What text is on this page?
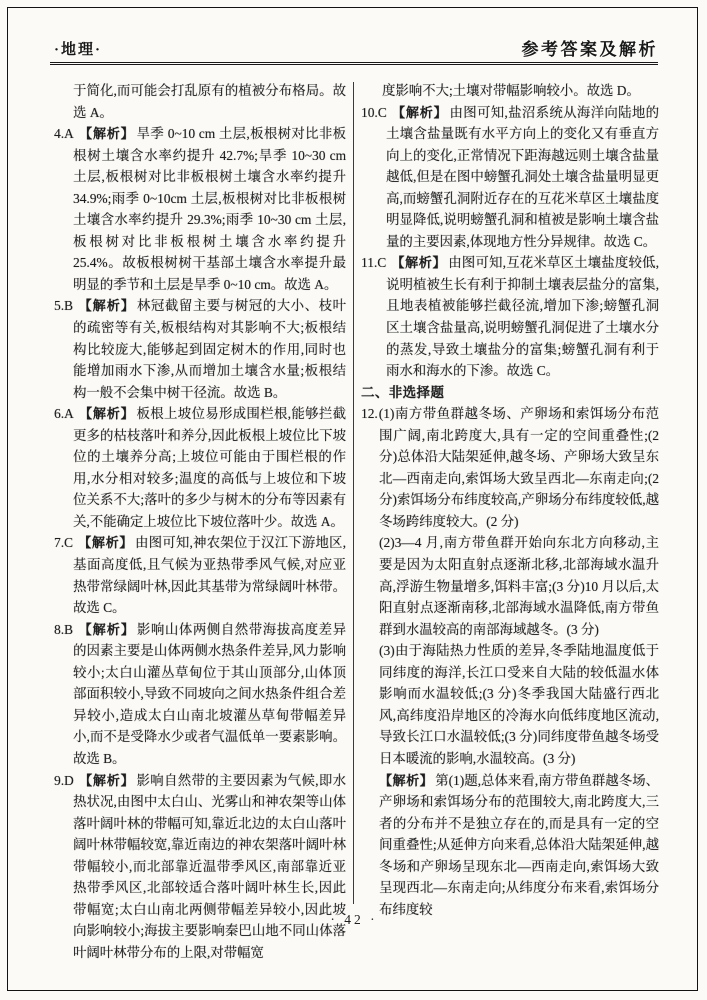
·地理·	参考答案及解析

于简化,而可能会打乱原有的植被分布格局。故选 A。

4.A 【解析】 旱季 0~10 cm 土层,板根树对比非板根树土壤含水率约提升 42.7%;旱季 10~30 cm 土层,板根树对比非板根树土壤含水率约提升 34.9%;雨季 0~10cm 土层,板根树对比非板根树土壤含水率约提升 29.3%;雨季 10~30 cm 土层,板根树对比非板根树土壤含水率约提升 25.4%。故板根树树干基部土壤含水率提升最明显的季节和土层是旱季 0~10 cm。故选 A。

5.B 【解析】 林冠截留主要与树冠的大小、枝叶的疏密等有关,板根结构对其影响不大;板根结构比较庞大,能够起到固定树木的作用,同时也能增加雨水下渗,从而增加土壤含水量;板根结构一般不会集中树干径流。故选 B。

6.A 【解析】 板根上坡位易形成围栏根,能够拦截更多的枯枝落叶和养分,因此板根上坡位比下坡位的土壤养分高;上坡位可能由于围栏根的作用,水分相对较多;温度的高低与上坡位和下坡位关系不大;落叶的多少与树木的分布等因素有关,不能确定上坡位比下坡位落叶少。故选 A。

7.C 【解析】 由图可知,神农架位于汉江下游地区,基面高度低,且气候为亚热带季风气候,对应亚热带常绿阔叶林,因此其基带为常绿阔叶林带。故选 C。

8.B 【解析】 影响山体两侧自然带海拔高度差异的因素主要是山体两侧水热条件差异,风力影响较小;太白山灌丛草甸位于其山顶部分,山体顶部面积较小,导致不同坡向之间水热条件组合差异较小,造成太白山南北坡灌丛草甸带幅差异小,而不是受降水少或者气温低单一要素影响。故选 B。

9.D 【解析】 影响自然带的主要因素为气候,即水热状况,由图中太白山、光雾山和神农架等山体落叶阔叶林的带幅可知,靠近北边的太白山落叶阔叶林带幅较宽,靠近南边的神农架落叶阔叶林带幅较小,而北部靠近温带季风区,南部靠近亚热带季风区,北部较适合落叶阔叶林生长,因此带幅宽;太白山南北两侧带幅差异较小,因此坡向影响较小;海拔主要影响秦巴山地不同山体落叶阔叶林带分布的上限,对带幅宽

度影响不大;土壤对带幅影响较小。故选 D。

10.C 【解析】 由图可知,盐沼系统从海洋向陆地的土壤含盐量既有水平方向上的变化又有垂直方向上的变化,正常情况下距海越远则土壤含盐量越低,但是在图中螃蟹孔洞处土壤含盐量明显更高,而螃蟹孔洞附近存在的互花米草区土壤盐度明显降低,说明螃蟹孔洞和植被是影响土壤含盐量的主要因素,体现地方性分异规律。故选 C。

11.C 【解析】 由图可知,互花米草区土壤盐度较低,说明植被生长有利于抑制土壤表层盐分的富集,且地表植被能够拦截径流,增加下渗;螃蟹孔洞区土壤含盐量高,说明螃蟹孔洞促进了土壤水分的蒸发,导致土壤盐分的富集;螃蟹孔洞有利于雨水和海水的下渗。故选 C。

二、非选择题

12.(1)南方带鱼群越冬场、产卵场和索饵场分布范围广阔,南北跨度大,具有一定的空间重叠性;(2 分)总体沿大陆架延伸,越冬场、产卵场大致呈东北—西南走向,索饵场大致呈西北—东南走向;(2 分)索饵场分布纬度较高,产卵场分布纬度较低,越冬场跨纬度较大。(2 分)

(2)3—4 月,南方带鱼群开始向东北方向移动,主要是因为太阳直射点逐渐北移,北部海域水温升高,浮游生物量增多,饵料丰富;(3 分)10 月以后,太阳直射点逐渐南移,北部海域水温降低,南方带鱼群到水温较高的南部海域越冬。(3 分)

(3)由于海陆热力性质的差异,冬季陆地温度低于同纬度的海洋,长江口受来自大陆的较低温水体影响而水温较低;(3 分)冬季我国大陆盛行西北风,高纬度沿岸地区的冷海水向低纬度地区流动,导致长江口水温较低;(3 分)同纬度带鱼越冬场受日本暖流的影响,水温较高。(3 分)

【解析】 第(1)题,总体来看,南方带鱼群越冬场、产卵场和索饵场分布的范围较大,南北跨度大,三者的分布并不是独立存在的,而是具有一定的空间重叠性;从延伸方向来看,总体沿大陆架延伸,越冬场和产卵场呈现东北—西南走向,索饵场大致呈现西北—东南走向;从纬度分布来看,索饵场分布纬度较

· 42 ·
